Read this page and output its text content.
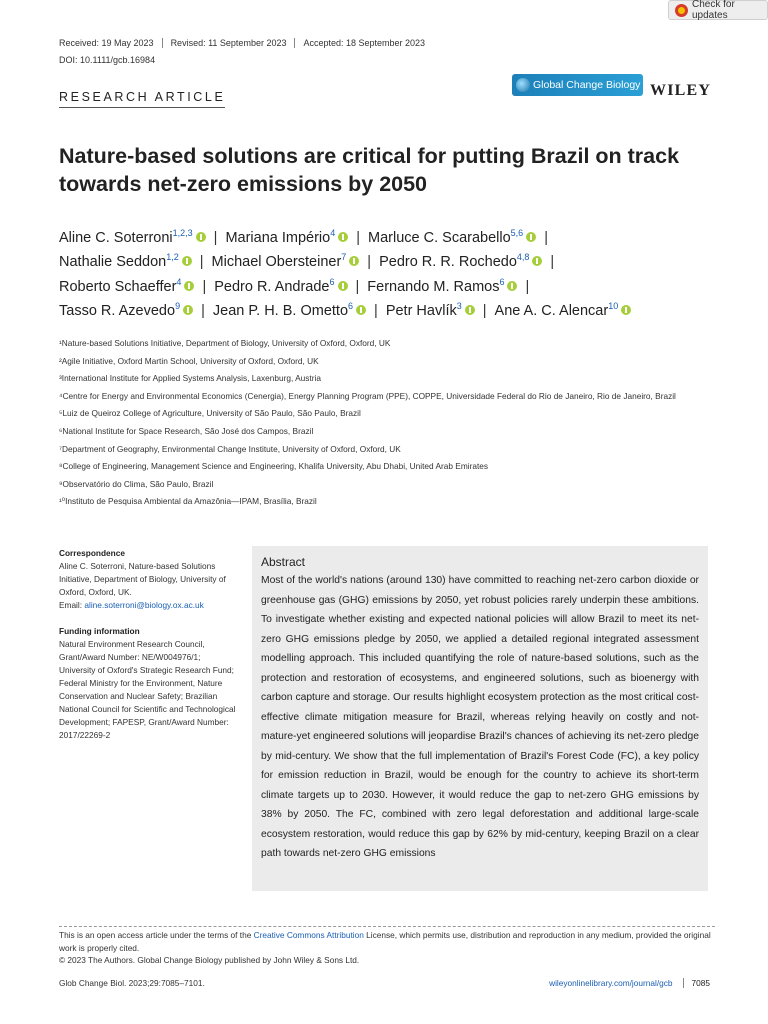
Check for updates
Received: 19 May 2023	Revised: 11 September 2023	Accepted: 18 September 2023
DOI: 10.1111/gcb.16984
RESEARCH ARTICLE
Global Change Biology WILEY
Nature-based solutions are critical for putting Brazil on track towards net-zero emissions by 2050
Aline C. Soterroni$^{1,2,3}$ | Mariana Império$^4$ | Marluce C. Scarabello$^{5,6}$ |
Nathalie Seddon$^{1,2}$ | Michael Obersteiner$^7$ | Pedro R. R. Rochedo$^{4,8}$ |
Roberto Schaeffer$^4$ | Pedro R. Andrade$^6$ | Fernando M. Ramos$^6$ |
Tasso R. Azevedo$^9$ | Jean P. H. B. Ometto$^6$ | Petr Havlík$^3$ | Ane A. C. Alencar$^{10}$
¹Nature-based Solutions Initiative, Department of Biology, University of Oxford, Oxford, UK
²Agile Initiative, Oxford Martin School, University of Oxford, Oxford, UK
³International Institute for Applied Systems Analysis, Laxenburg, Austria
⁴Centre for Energy and Environmental Economics (Cenergia), Energy Planning Program (PPE), COPPE, Universidade Federal do Rio de Janeiro, Rio de Janeiro, Brazil
⁵Luiz de Queiroz College of Agriculture, University of São Paulo, São Paulo, Brazil
⁶National Institute for Space Research, São José dos Campos, Brazil
⁷Department of Geography, Environmental Change Institute, University of Oxford, Oxford, UK
⁸College of Engineering, Management Science and Engineering, Khalifa University, Abu Dhabi, United Arab Emirates
⁹Observatório do Clima, São Paulo, Brazil
¹⁰Instituto de Pesquisa Ambiental da Amazônia—IPAM, Brasília, Brazil
Correspondence
Aline C. Soterroni, Nature-based Solutions Initiative, Department of Biology, University of Oxford, Oxford, UK.
Email: aline.soterroni@biology.ox.ac.uk
Funding information
Natural Environment Research Council, Grant/Award Number: NE/W004976/1; University of Oxford's Strategic Research Fund; Federal Ministry for the Environment, Nature Conservation and Nuclear Safety; Brazilian National Council for Scientific and Technological Development; FAPESP, Grant/Award Number: 2017/22269-2
Abstract

Most of the world's nations (around 130) have committed to reaching net-zero carbon dioxide or greenhouse gas (GHG) emissions by 2050, yet robust policies rarely underpin these ambitions. To investigate whether existing and expected national policies will allow Brazil to meet its net-zero GHG emissions pledge by 2050, we applied a detailed regional integrated assessment modelling approach. This included quantifying the role of nature-based solutions, such as the protection and restoration of ecosystems, and engineered solutions, such as bioenergy with carbon capture and storage. Our results highlight ecosystem protection as the most critical cost-effective climate mitigation measure for Brazil, whereas relying heavily on costly and not-mature-yet engineered solutions will jeopardise Brazil's chances of achieving its net-zero pledge by mid-century. We show that the full implementation of Brazil's Forest Code (FC), a key policy for emission reduction in Brazil, would be enough for the country to achieve its short-term climate targets up to 2030. However, it would reduce the gap to net-zero GHG emissions by 38% by 2050. The FC, combined with zero legal deforestation and additional large-scale ecosystem restoration, would reduce this gap by 62% by mid-century, keeping Brazil on a clear path towards net-zero GHG emissions

This is an open access article under the terms of the Creative Commons Attribution License, which permits use, distribution and reproduction in any medium, provided the original work is properly cited.
© 2023 The Authors. Global Change Biology published by John Wiley & Sons Ltd.
Glob Change Biol. 2023;29:7085–7101.	wileyonlinelibrary.com/journal/gcb	7085
